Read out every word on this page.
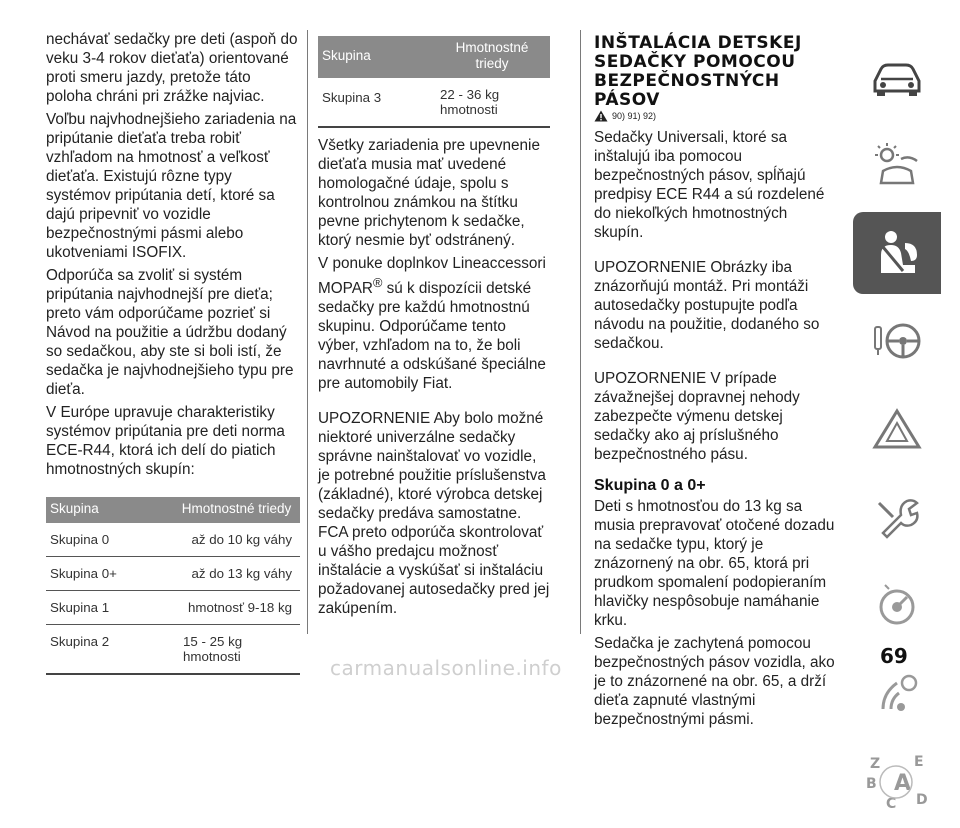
nechávať sedačky pre deti (aspoň do veku 3-4 rokov dieťaťa) orientované proti smeru jazdy, pretože táto poloha chráni pri zrážke najviac.

Voľbu najvhodnejšieho zariadenia na pripútanie dieťaťa treba robiť vzhľadom na hmotnosť a veľkosť dieťaťa. Existujú rôzne typy systémov pripútania detí, ktoré sa dajú pripevniť vo vozidle bezpečnostnými pásmi alebo ukotveniami ISOFIX.

Odporúča sa zvoliť si systém pripútania najvhodnejší pre dieťa; preto vám odporúčame pozrieť si Návod na použitie a údržbu dodaný so sedačkou, aby ste si boli istí, že sedačka je najvhodnejšieho typu pre dieťa.

V Európe upravuje charakteristiky systémov pripútania pre deti norma ECE-R44, ktorá ich delí do piatich hmotnostných skupín:

Skupina	Hmotnostné triedy
Skupina 0	až do 10 kg váhy
Skupina 0+	až do 13 kg váhy
Skupina 1	hmotnosť 9-18 kg
Skupina 2	15 - 25 kg hmotnosti
Skupina	Hmotnostné triedy
Skupina 3	22 - 36 kg hmotnosti

Všetky zariadenia pre upevnenie dieťaťa musia mať uvedené homologačné údaje, spolu s kontrolnou známkou na štítku pevne prichytenom k sedačke, ktorý nesmie byť odstránený.

V ponuke doplnkov Lineaccessori MOPAR® sú k dispozícii detské sedačky pre každú hmotnostnú skupinu. Odporúčame tento výber, vzhľadom na to, že boli navrhnuté a odskúšané špeciálne pre automobily Fiat.

UPOZORNENIE Aby bolo možné niektoré univerzálne sedačky správne nainštalovať vo vozidle, je potrebné použitie príslušenstva (základné), ktoré výrobca detskej sedačky predáva samostatne. FCA preto odporúča skontrolovať u vášho predajcu možnosť inštalácie a vyskúšať si inštaláciu požadovanej autosedačky pred jej zakúpením.

INŠTALÁCIA DETSKEJ
SEDAČKY POMOCOU
BEZPEČNOSTNÝCH
PÁSOV
90) 91) 92)

Sedačky Universali, ktoré sa inštalujú iba pomocou bezpečnostných pásov, spĺňajú predpisy ECE R44 a sú rozdelené do niekoľkých hmotnostných skupín.

UPOZORNENIE Obrázky iba znázorňujú montáž. Pri montáži autosedačky postupujte podľa návodu na použitie, dodaného so sedačkou.

UPOZORNENIE V prípade závažnejšej dopravnej nehody zabezpečte výmenu detskej sedačky ako aj príslušného bezpečnostného pásu.

Skupina 0 a 0+

Deti s hmotnosťou do 13 kg sa musia prepravovať otočené dozadu na sedačke typu, ktorý je znázornený na obr. 65, ktorá pri prudkom spomalení podopieraním hlavičky nespôsobuje namáhanie krku.

Sedačka je zachytená pomocou bezpečnostných pásov vozidla, ako je to znázornené na obr. 65, a drží dieťa zapnuté vlastnými bezpečnostnými pásmi.

Z E
B A
C D
69
carmanualsonline.info
